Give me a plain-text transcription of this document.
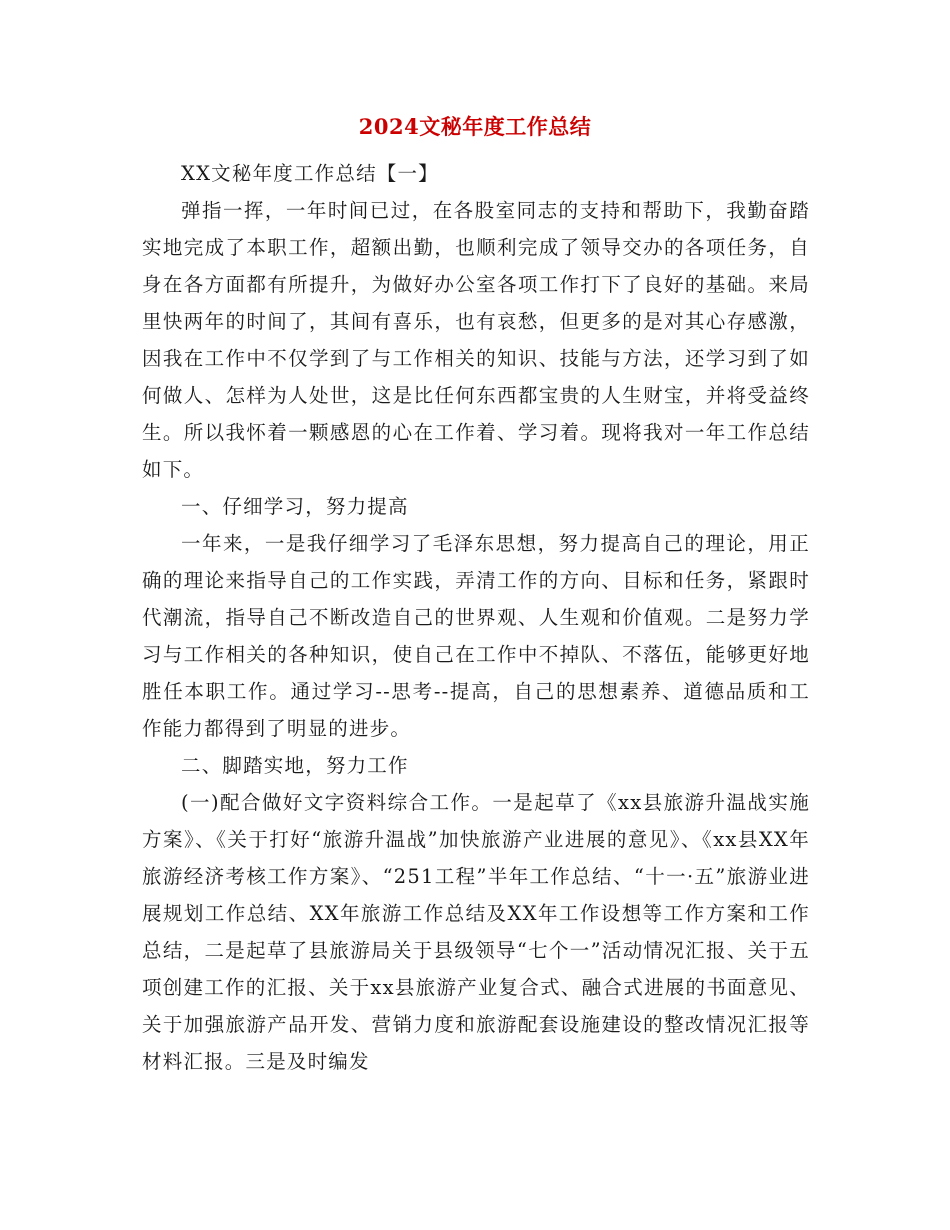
2024文秘年度工作总结

XX文秘年度工作总结【一】

弹指一挥，一年时间已过，在各股室同志的支持和帮助下，我勤奋踏实地完成了本职工作，超额出勤，也顺利完成了领导交办的各项任务，自身在各方面都有所提升，为做好办公室各项工作打下了良好的基础。来局里快两年的时间了，其间有喜乐，也有哀愁，但更多的是对其心存感激，因我在工作中不仅学到了与工作相关的知识、技能与方法，还学习到了如何做人、怎样为人处世，这是比任何东西都宝贵的人生财宝，并将受益终生。所以我怀着一颗感恩的心在工作着、学习着。现将我对一年工作总结如下。

一、仔细学习，努力提高

一年来，一是我仔细学习了毛泽东思想，努力提高自己的理论，用正确的理论来指导自己的工作实践，弄清工作的方向、目标和任务，紧跟时代潮流，指导自己不断改造自己的世界观、人生观和价值观。二是努力学习与工作相关的各种知识，使自己在工作中不掉队、不落伍，能够更好地胜任本职工作。通过学习--思考--提高，自己的思想素养、道德品质和工作能力都得到了明显的进步。

二、脚踏实地，努力工作

(一)配合做好文字资料综合工作。一是起草了《xx县旅游升温战实施方案》、《关于打好“旅游升温战”加快旅游产业进展的意见》、《xx县XX年旅游经济考核工作方案》、“251工程”半年工作总结、“十一·五”旅游业进展规划工作总结、XX年旅游工作总结及XX年工作设想等工作方案和工作总结，二是起草了县旅游局关于县级领导“七个一”活动情况汇报、关于五项创建工作的汇报、关于xx县旅游产业复合式、融合式进展的书面意见、关于加强旅游产品开发、营销力度和旅游配套设施建设的整改情况汇报等材料汇报。三是及时编发
